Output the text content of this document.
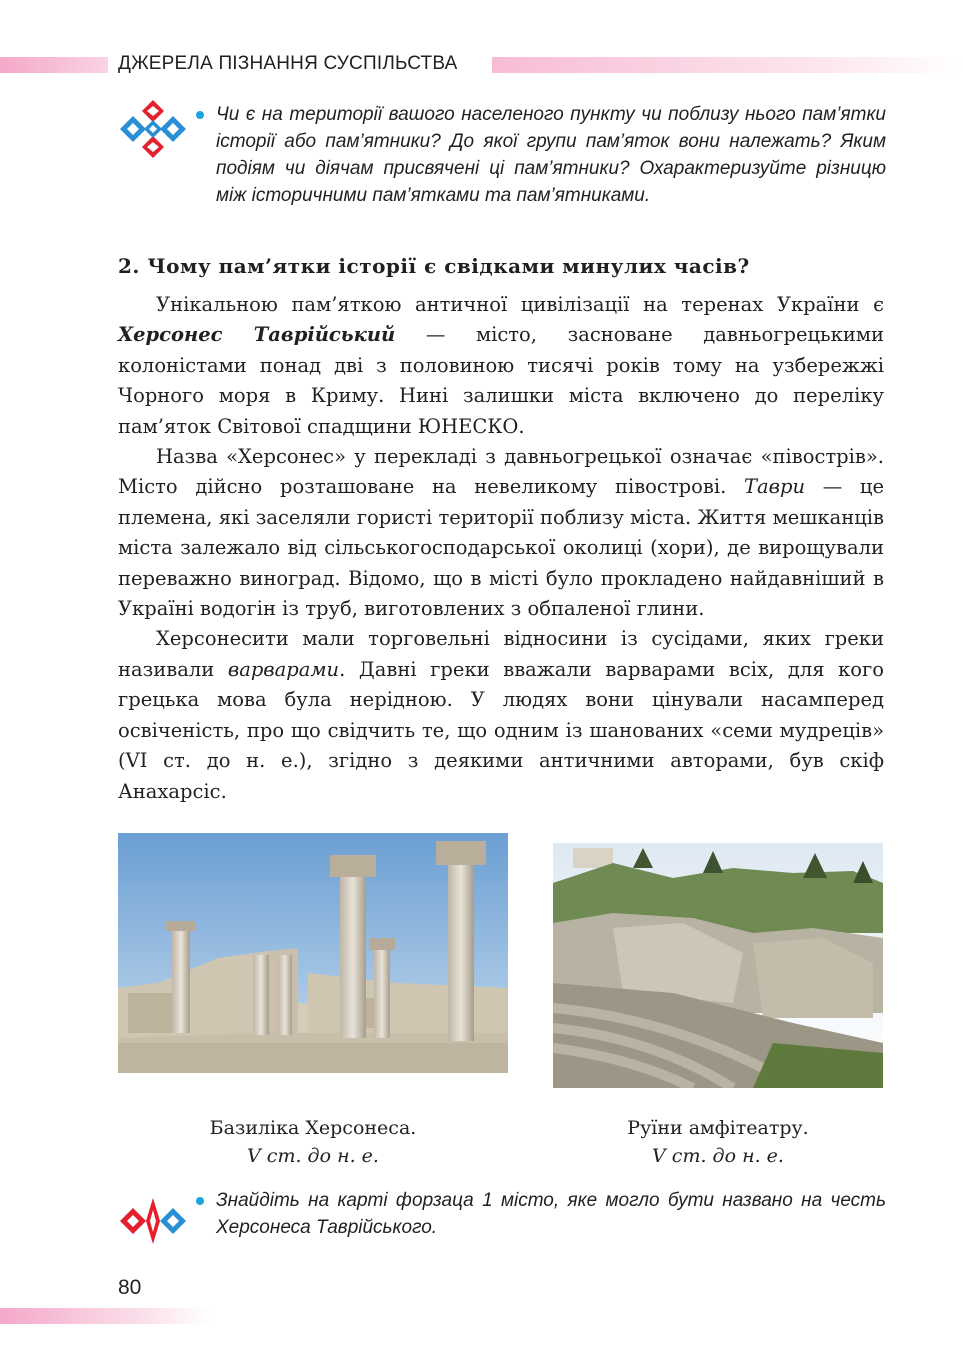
ДЖЕРЕЛА ПІЗНАННЯ СУСПІЛЬСТВА

Чи є на території вашого населеного пункту чи поблизу нього пам’ятки історії або пам’ятники? До якої групи пам’яток вони належать? Яким подіям чи діячам присвячені ці пам’ятники? Охарактеризуйте різницю між історичними пам’ятками та пам’ятниками.

2. Чому пам’ятки історії є свідками минулих часів?

Унікальною пам’яткою античної цивілізації на теренах України є Херсонес Таврійський — місто, засноване давньогрецькими колоністами понад дві з половиною тисячі років тому на узбережжі Чорного моря в Криму. Нині залишки міста включено до переліку пам’яток Світової спадщини ЮНЕСКО.

Назва «Херсонес» у перекладі з давньогрецької означає «півострів». Місто дійсно розташоване на невеликому півострові. Таври — це племена, які заселяли гористі території поблизу міста. Життя мешканців міста залежало від сільськогосподарської околиці (хори), де вирощували переважно виноград. Відомо, що в місті було прокладено найдавніший в Україні водогін із труб, виготовлених з обпаленої глини.

Херсонесити мали торговельні відносини із сусідами, яких греки називали варварами. Давні греки вважали варварами всіх, для кого грецька мова була нерідною. У людях вони цінували насамперед освіченість, про що свідчить те, що одним із шанованих «семи мудреців» (VI ст. до н. е.), згідно з деякими античними авторами, був скіф Анахарсіс.

Базиліка Херсонеса.
V ст. до н. е.
Руїни амфітеатру.
V ст. до н. е.

Знайдіть на карті форзаца 1 місто, яке могло бути названо на честь Херсонеса Таврійського.

80
